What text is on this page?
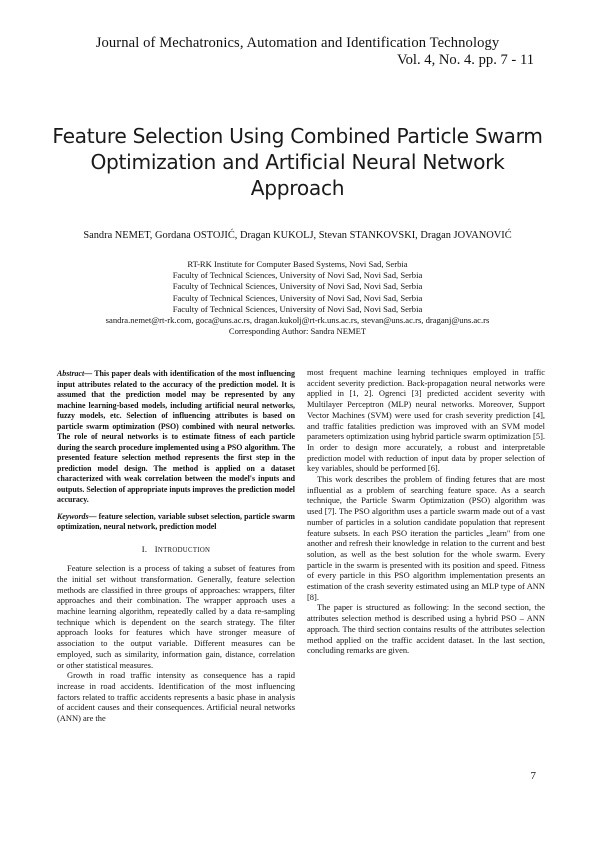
Journal of Mechatronics, Automation and Identification Technology
Vol. 4, No. 4. pp. 7 - 11
Feature Selection Using Combined Particle Swarm
Optimization and Artificial Neural Network
Approach
Sandra NEMET, Gordana OSTOJIĆ, Dragan KUKOLJ, Stevan STANKOVSKI, Dragan JOVANOVIĆ
RT-RK Institute for Computer Based Systems, Novi Sad, Serbia
Faculty of Technical Sciences, University of Novi Sad, Novi Sad, Serbia
Faculty of Technical Sciences, University of Novi Sad, Novi Sad, Serbia
Faculty of Technical Sciences, University of Novi Sad, Novi Sad, Serbia
Faculty of Technical Sciences, University of Novi Sad, Novi Sad, Serbia
sandra.nemet@rt-rk.com, goca@uns.ac.rs, dragan.kukolj@rt-rk.uns.ac.rs, stevan@uns.ac.rs, draganj@uns.ac.rs
Corresponding Author: Sandra NEMET

Abstract— This paper deals with identification of the most influencing input attributes related to the accuracy of the prediction model. It is assumed that the prediction model may be represented by any machine learning-based models, including artificial neural networks, fuzzy models, etc. Selection of influencing attributes is based on particle swarm optimization (PSO) combined with neural networks. The role of neural networks is to estimate fitness of each particle during the search procedure implemented using a PSO algorithm. The presented feature selection method represents the first step in the prediction model design. The method is applied on a dataset characterized with weak correlation between the model's inputs and outputs. Selection of appropriate inputs improves the prediction model accuracy.

Keywords— feature selection, variable subset selection, particle swarm optimization, neural network, prediction model

I. INTRODUCTION

Feature selection is a process of taking a subset of features from the initial set without transformation. Generally, feature selection methods are classified in three groups of approaches: wrappers, filter approaches and their combination. The wrapper approach uses a machine learning algorithm, repeatedly called by a data re-sampling technique which is dependent on the search strategy. The filter approach looks for features which have stronger measure of association to the output variable. Different measures can be employed, such as similarity, information gain, distance, correlation or other statistical measures.

Growth in road traffic intensity as consequence has a rapid increase in road accidents. Identification of the most influencing factors related to traffic accidents represents a basic phase in analysis of accident causes and their consequences. Artificial neural networks (ANN) are the

most frequent machine learning techniques employed in traffic accident severity prediction. Back-propagation neural networks were applied in [1, 2]. Ogrenci [3] predicted accident severity with Multilayer Perceptron (MLP) neural networks. Moreover, Support Vector Machines (SVM) were used for crash severity prediction [4], and traffic fatalities prediction was improved with an SVM model parameters optimization using hybrid particle swarm optimization [5]. In order to design more accurately, a robust and interpretable prediction model with reduction of input data by proper selection of key variables, should be performed [6].

This work describes the problem of finding fetures that are most influential as a problem of searching feature space. As a search technique, the Particle Swarm Optimization (PSO) algorithm was used [7]. The PSO algorithm uses a particle swarm made out of a vast number of particles in a solution candidate population that represent feature subsets. In each PSO iteration the particles „learn" from one another and refresh their knowledge in relation to the current and best solution, as well as the best solution for the whole swarm. Every particle in the swarm is presented with its position and speed. Fitness of every particle in this PSO algorithm implementation presents an estimation of the crash severity estimated using an MLP type of ANN [8].

The paper is structured as following: In the second section, the attributes selection method is described using a hybrid PSO – ANN approach. The third section contains results of the attributes selection method applied on the traffic accident dataset. In the last section, concluding remarks are given.

7
